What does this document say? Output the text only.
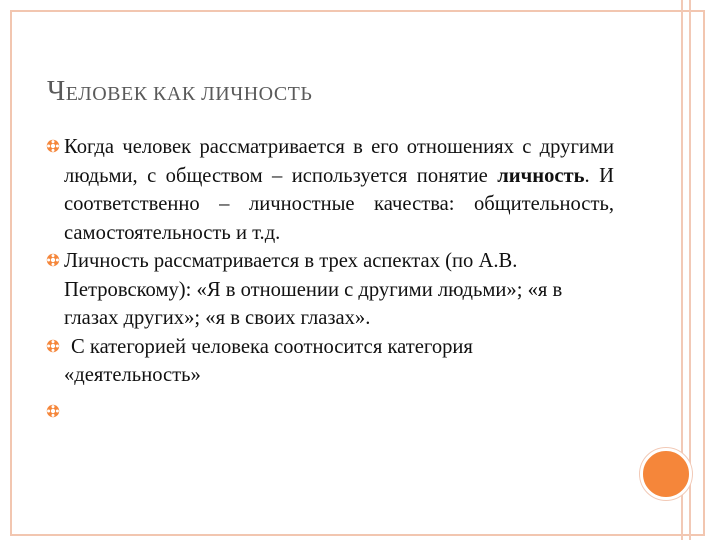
ЧЕЛОВЕК КАК ЛИЧНОСТЬ
Когда человек рассматривается в его отношениях с другими людьми, с обществом – используется понятие личность. И соответственно – личностные качества: общительность, самостоятельность и т.д.
Личность рассматривается в трех аспектах (по А.В. Петровскому): «Я в отношении с другими людьми»; «я в глазах других»; «я в своих глазах».
С категорией человека соотносится категория «деятельность»
